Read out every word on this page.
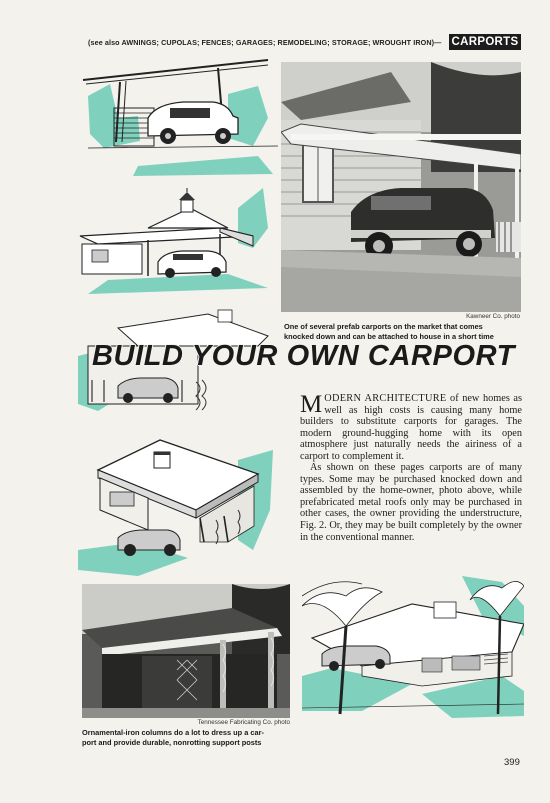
(see also AWNINGS; CUPOLAS; FENCES; GARAGES; REMODELING; STORAGE; WROUGHT IRON)— CARPORTS
Kawneer Co. photo
One of several prefab carports on the market that comes
knocked down and can be attached to house in a short time
BUILD YOUR OWN CARPORT

MODERN ARCHITECTURE of new homes as well as high costs is causing many home builders to substitute carports for garages. The modern ground-hugging home with its open atmosphere just naturally needs the airiness of a carport to complement it.

As shown on these pages carports are of many types. Some may be purchased knocked down and assembled by the home-owner, photo above, while prefabricated metal roofs only may be purchased in other cases, the owner providing the understructure, Fig. 2. Or, they may be built completely by the owner in the conventional manner.

Tennessee Fabricating Co. photo
Ornamental-iron columns do a lot to dress up a car-
port and provide durable, nonrotting support posts
399
